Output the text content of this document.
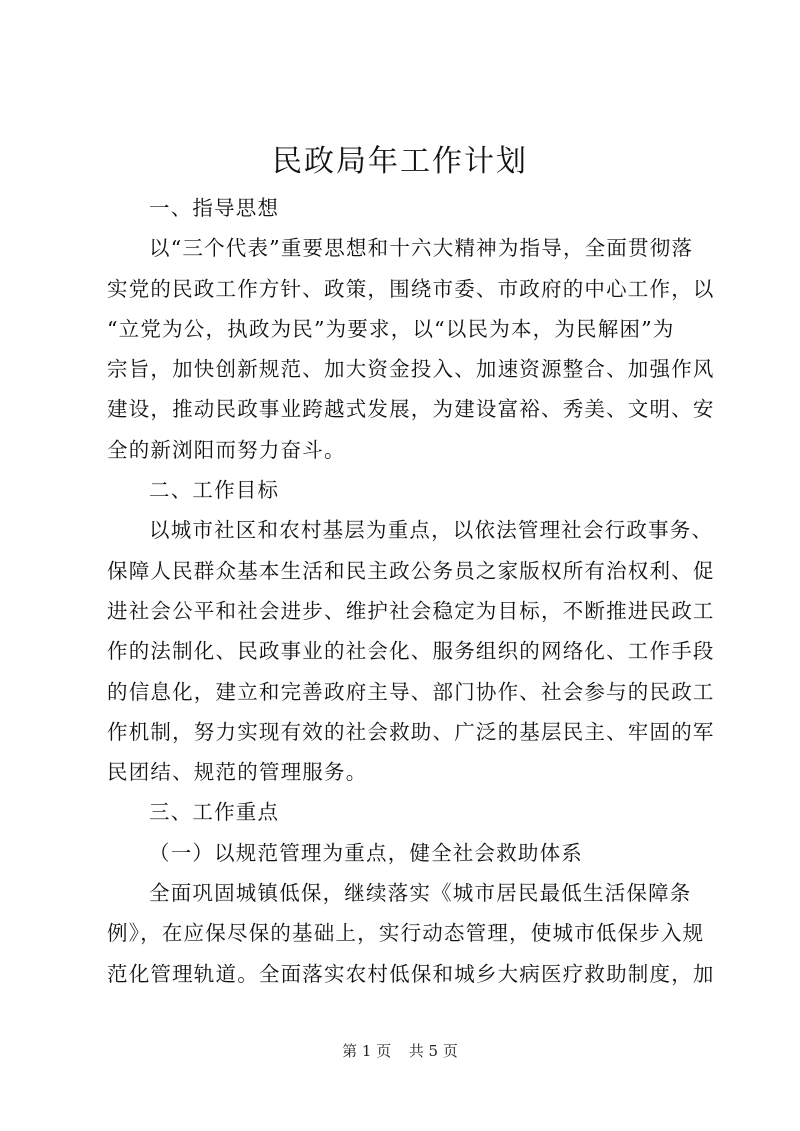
民政局年工作计划
一、指导思想
以“三个代表”重要思想和十六大精神为指导，全面贯彻落
实党的民政工作方针、政策，围绕市委、市政府的中心工作，以
“立党为公，执政为民”为要求，以“以民为本，为民解困”为
宗旨，加快创新规范、加大资金投入、加速资源整合、加强作风
建设，推动民政事业跨越式发展，为建设富裕、秀美、文明、安
全的新浏阳而努力奋斗。
二、工作目标
以城市社区和农村基层为重点，以依法管理社会行政事务、
保障人民群众基本生活和民主政公务员之家版权所有治权利、促
进社会公平和社会进步、维护社会稳定为目标，不断推进民政工
作的法制化、民政事业的社会化、服务组织的网络化、工作手段
的信息化，建立和完善政府主导、部门协作、社会参与的民政工
作机制，努力实现有效的社会救助、广泛的基层民主、牢固的军
民团结、规范的管理服务。
三、工作重点
（一）以规范管理为重点，健全社会救助体系
全面巩固城镇低保，继续落实《城市居民最低生活保障条
例》，在应保尽保的基础上，实行动态管理，使城市低保步入规
范化管理轨道。全面落实农村低保和城乡大病医疗救助制度，加
第 1 页 共 5 页
